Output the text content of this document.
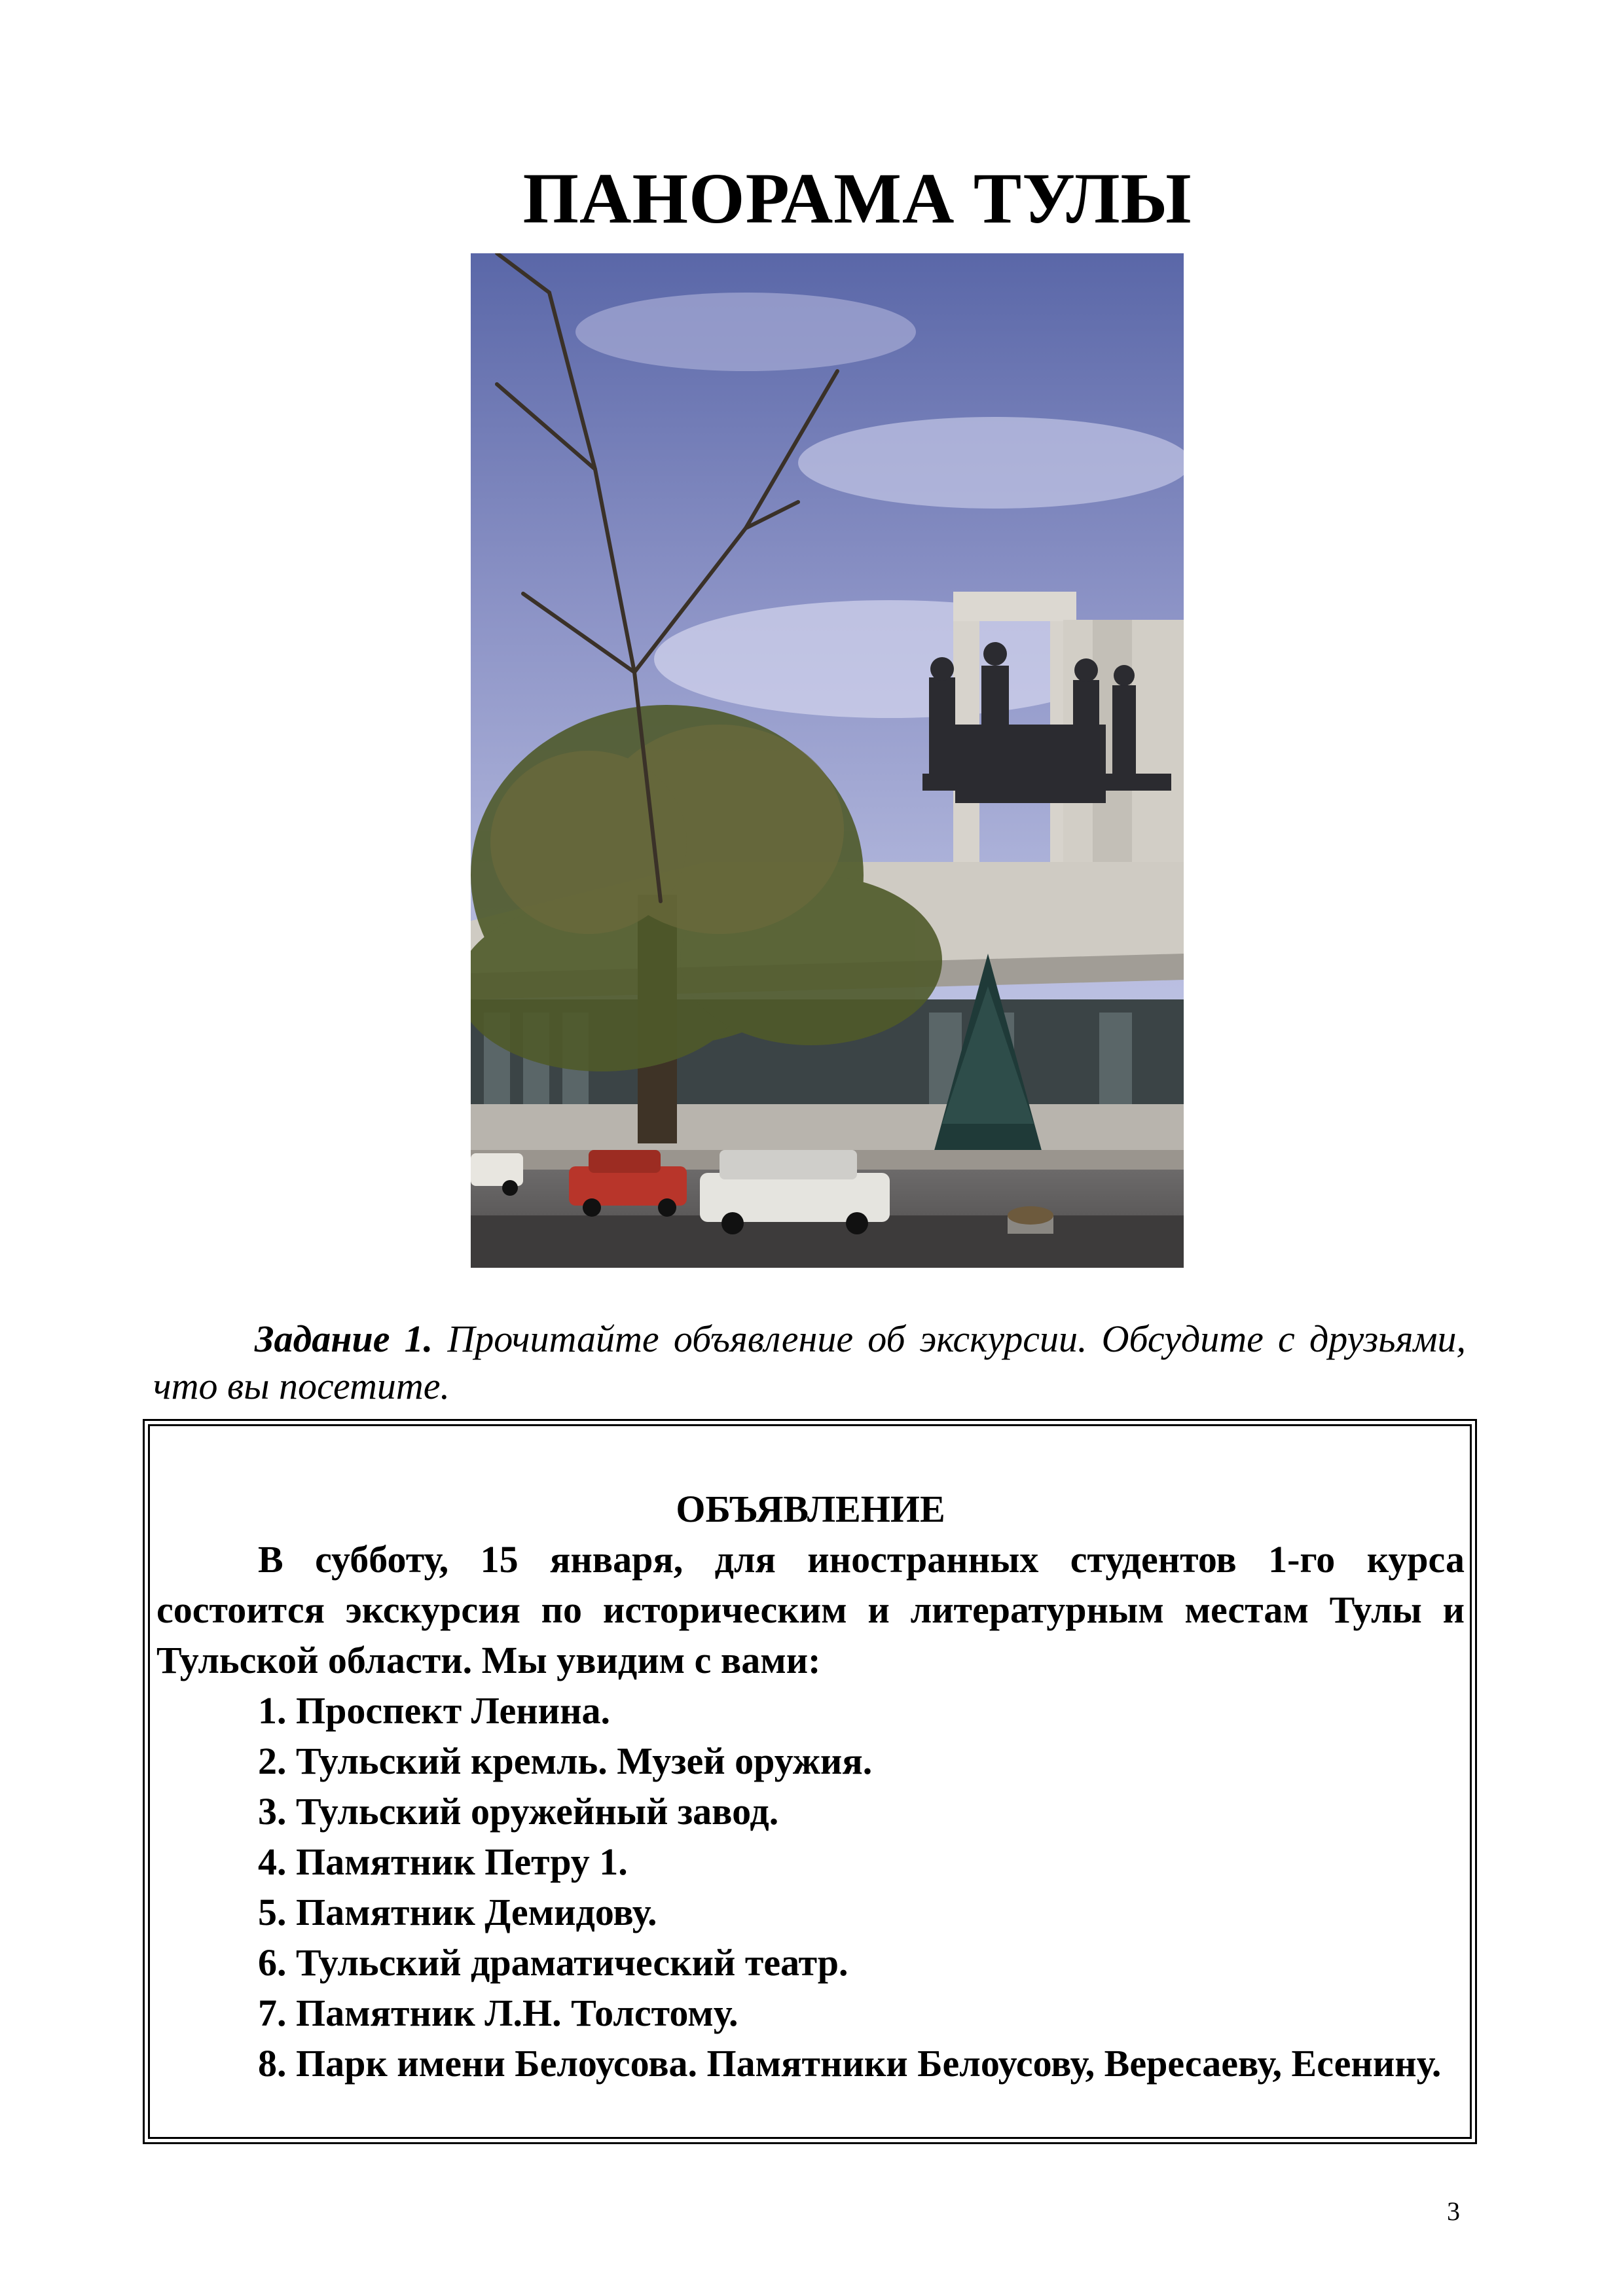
ПАНОРАМА ТУЛЫ
Задание 1. Прочитайте объявление об экскурсии. Обсудите с друзьями, что вы посетите.

ОБЪЯВЛЕНИЕ

В субботу, 15 января, для иностранных студентов 1-го курса состоится экскурсия по историческим и литературным местам Тулы и Тульской области. Мы увидим с вами:

1. Проспект Ленина.
2. Тульский кремль. Музей оружия.
3. Тульский оружейный завод.
4. Памятник Петру 1.
5. Памятник Демидову.
6. Тульский драматический театр.
7. Памятник Л.Н. Толстому.
8. Парк имени Белоусова. Памятники Белоусову, Вересаеву, Есенину.
3
